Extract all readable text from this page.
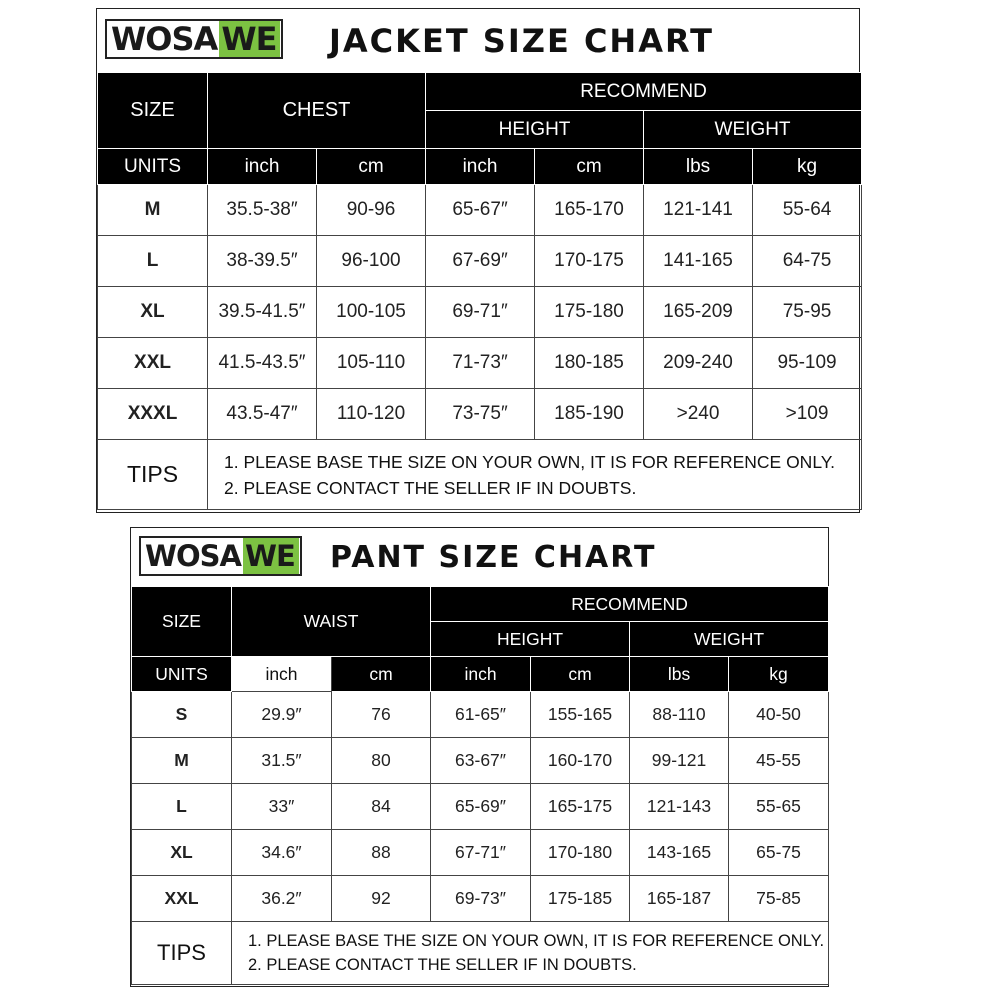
WOSA WE JACKET SIZE CHART
SIZE	CHEST		RECOMMEND			
			HEIGHT		WEIGHT	
UNITS	inch	cm	inch	cm	lbs	kg
M	35.5-38″	90-96	65-67″	165-170	121-141	55-64
L	38-39.5″	96-100	67-69″	170-175	141-165	64-75
XL	39.5-41.5″	100-105	69-71″	175-180	165-209	75-95
XXL	41.5-43.5″	105-110	71-73″	180-185	209-240	95-109
XXXL	43.5-47″	110-120	73-75″	185-190	>240	>109
TIPS	1. PLEASE BASE THE SIZE ON YOUR OWN, IT IS FOR REFERENCE ONLY.
2. PLEASE CONTACT THE SELLER IF IN DOUBTS.					
WOSA WE PANT SIZE CHART
SIZE	WAIST		RECOMMEND			
			HEIGHT		WEIGHT	
UNITS	inch	cm	inch	cm	lbs	kg
S	29.9″	76	61-65″	155-165	88-110	40-50
M	31.5″	80	63-67″	160-170	99-121	45-55
L	33″	84	65-69″	165-175	121-143	55-65
XL	34.6″	88	67-71″	170-180	143-165	65-75
XXL	36.2″	92	69-73″	175-185	165-187	75-85
TIPS	1. PLEASE BASE THE SIZE ON YOUR OWN, IT IS FOR REFERENCE ONLY.
2. PLEASE CONTACT THE SELLER IF IN DOUBTS.					
